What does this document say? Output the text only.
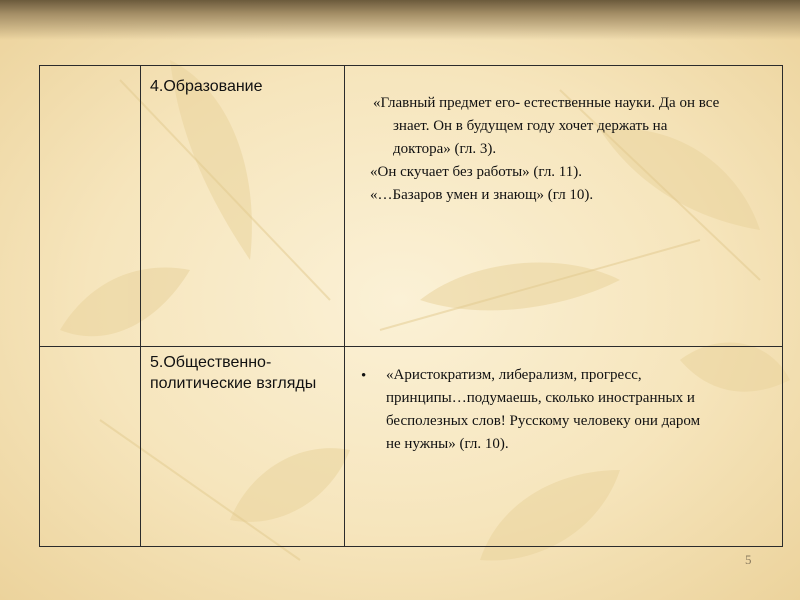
4.Образование
«Главный предмет его- естественные науки. Да он все знает. Он в будущем году хочет держать на доктора» (гл. 3).
«Он скучает без работы» (гл. 11).
«…Базаров умен и знающ» (гл 10).
5.Общественно-политические взгляды	• «Аристократизм, либерализм, прогресс, принципы…подумаешь, сколько иностранных и бесполезных слов! Русскому человеку они даром не нужны» (гл. 10).
5
